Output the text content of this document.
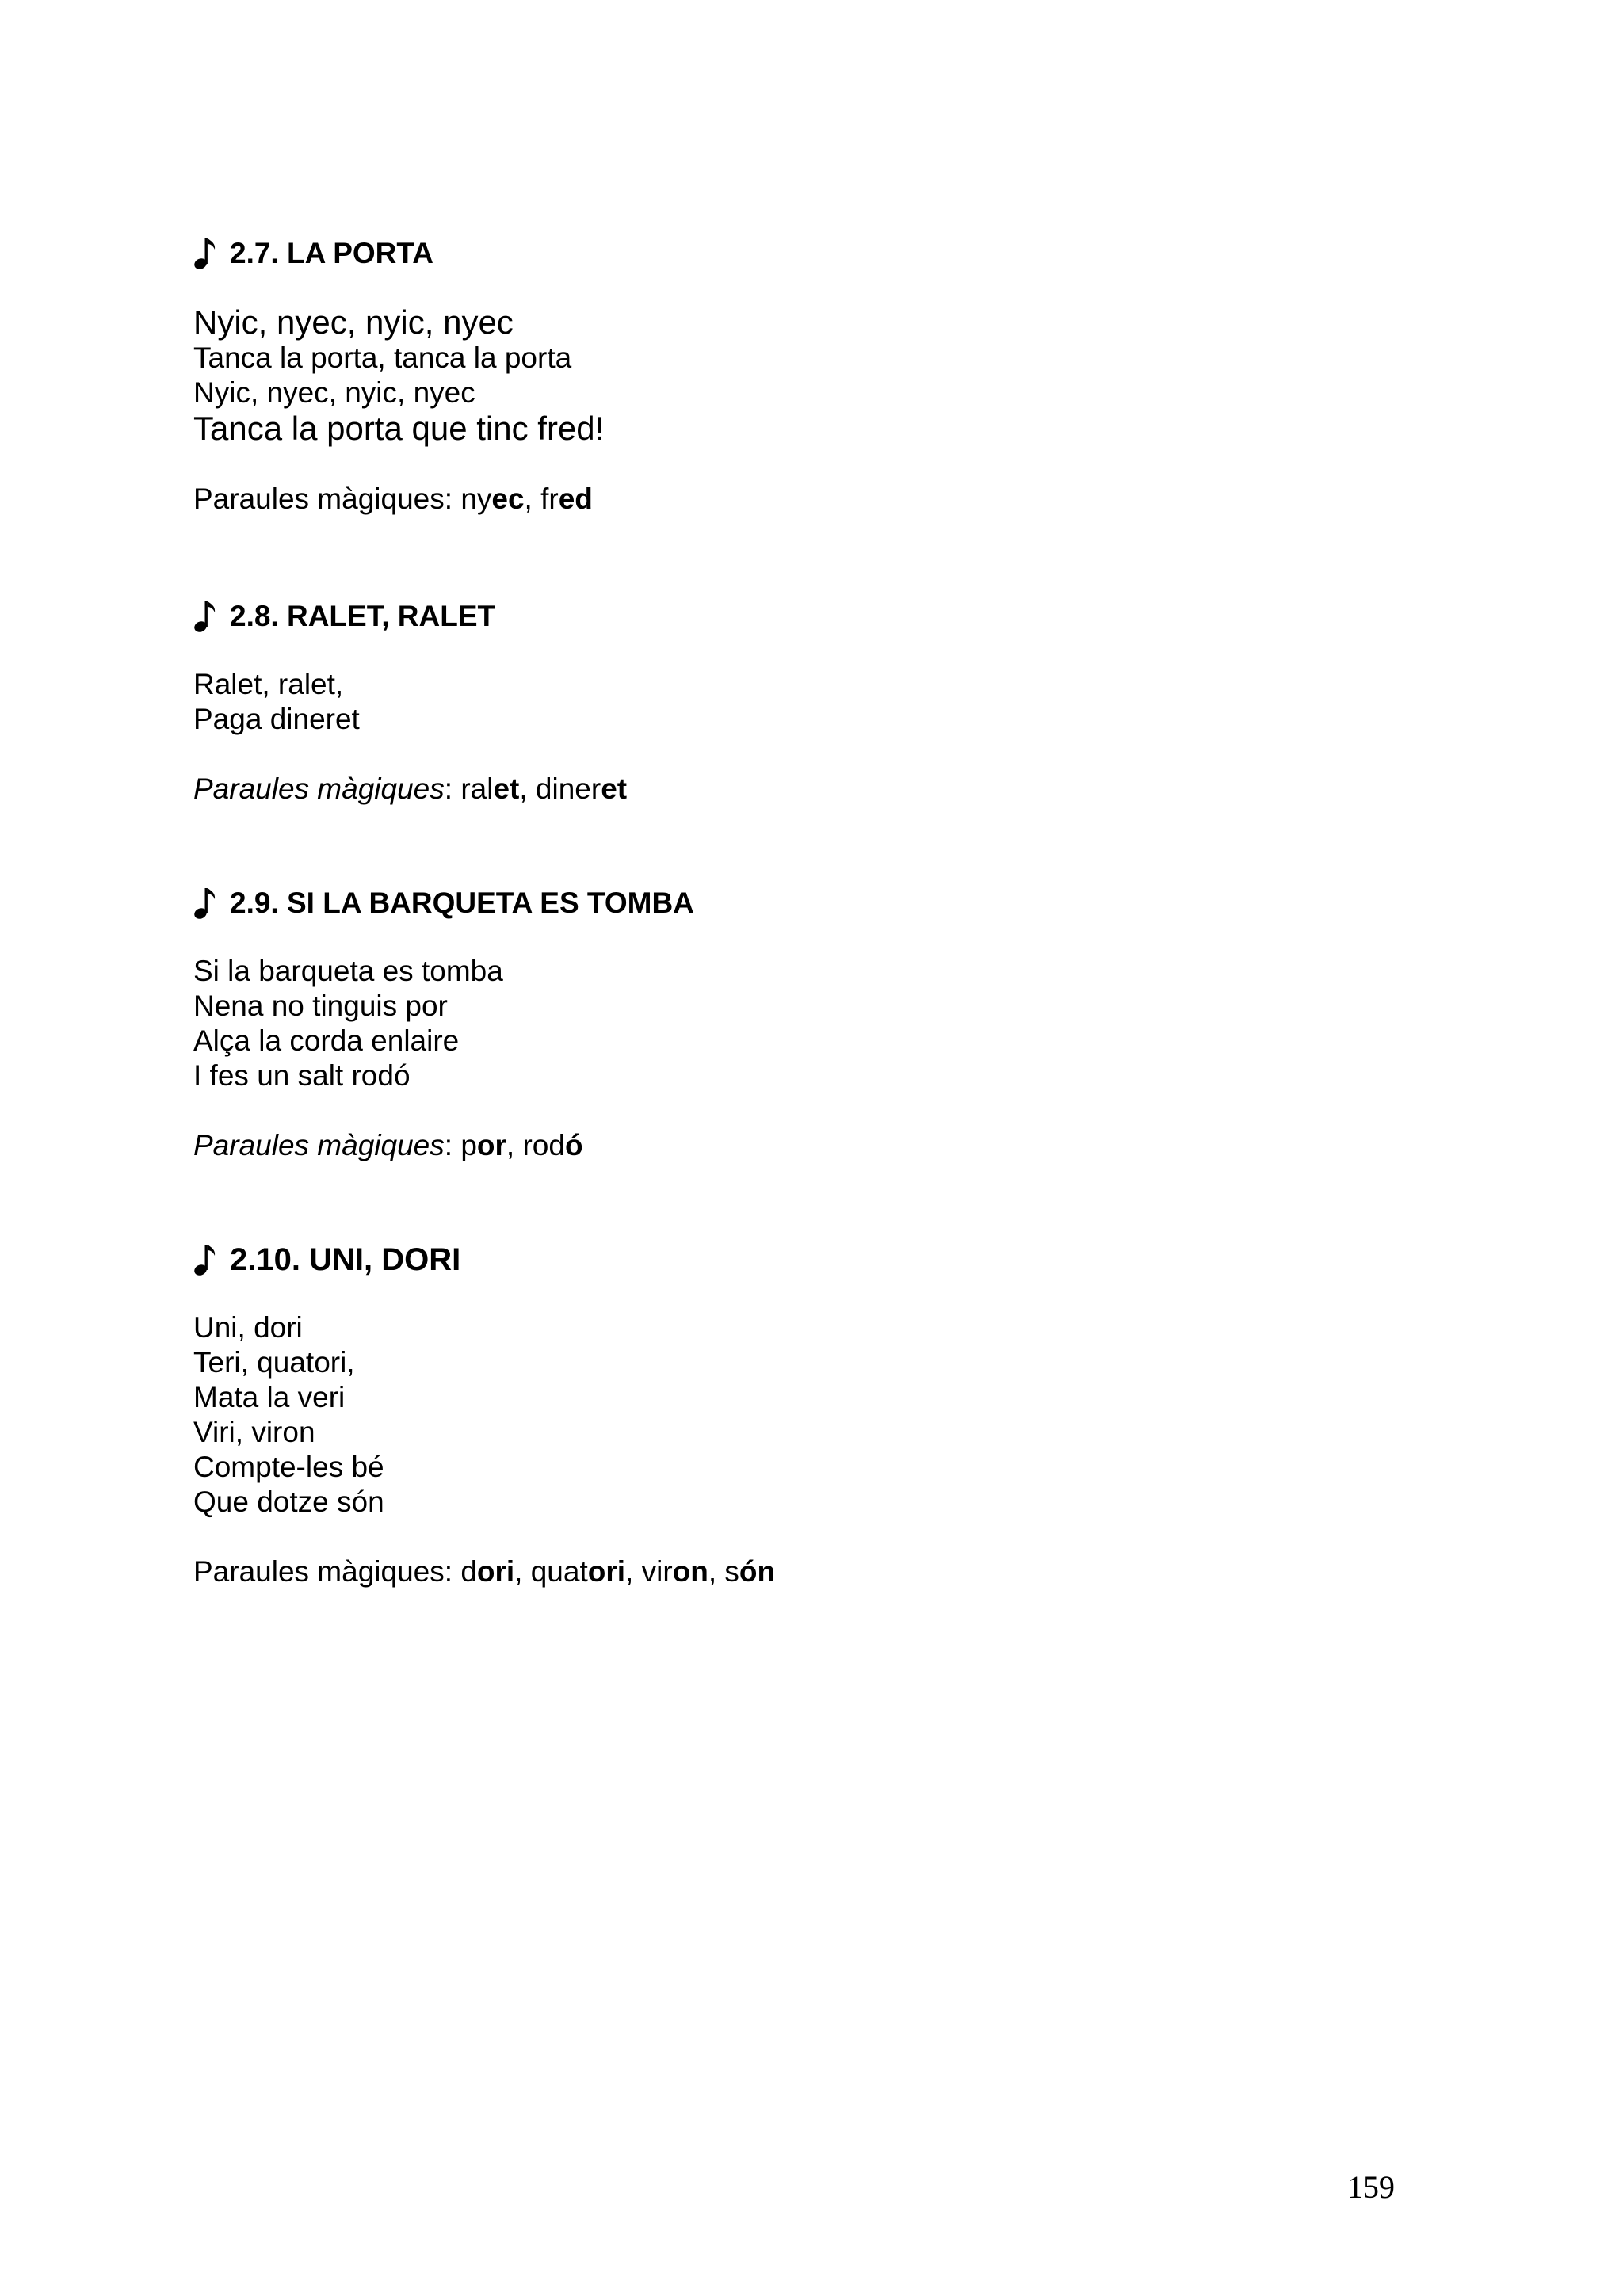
2.7. LA PORTA
Nyic, nyec, nyic, nyec
Tanca la porta, tanca la porta
Nyic, nyec, nyic, nyec
Tanca la porta que tinc fred!
Paraules màgiques: nyec, fred
2.8. RALET, RALET
Ralet, ralet,
Paga dineret
Paraules màgiques: ralet, dineret
2.9. SI LA BARQUETA ES TOMBA
Si la barqueta es tomba
Nena no tinguis por
Alça la corda enlaire
I fes un salt rodó
Paraules màgiques: por, rodó
2.10. UNI, DORI
Uni, dori
Teri, quatori,
Mata la veri
Viri, viron
Compte-les bé
Que dotze són
Paraules màgiques: dori, quatori, viron, són
159
